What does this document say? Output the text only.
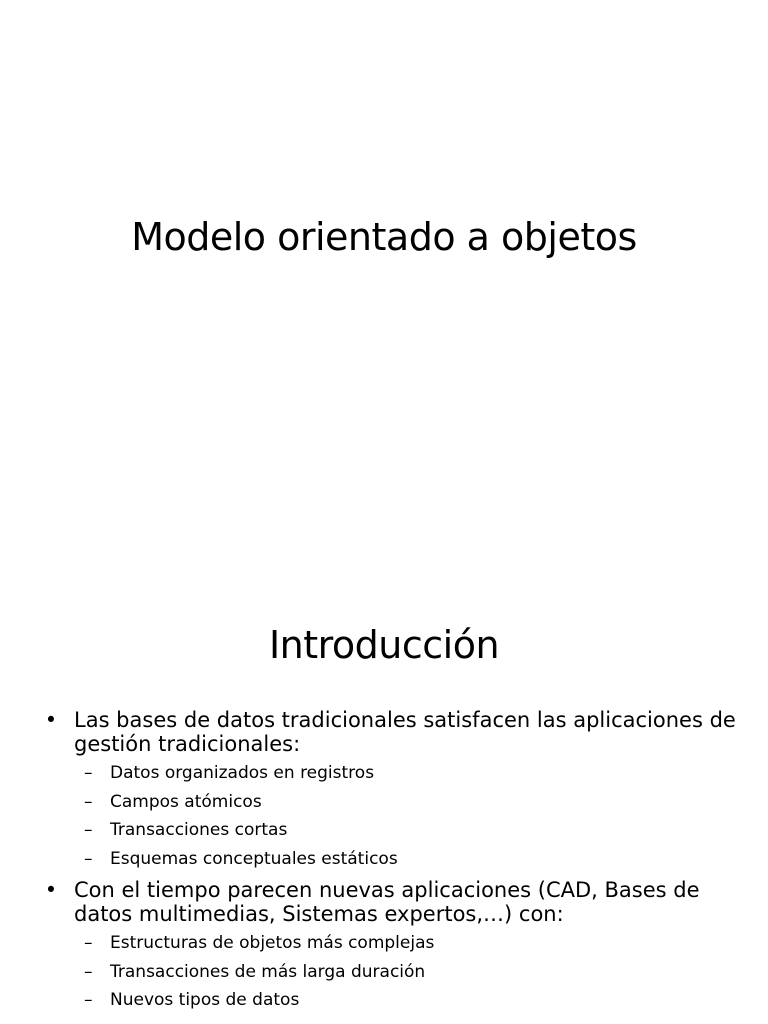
Modelo orientado a objetos
Introducción

• Las bases de datos tradicionales satisfacen las aplicaciones de gestión tradicionales:

– Datos organizados en registros

– Campos atómicos

– Transacciones cortas

– Esquemas conceptuales estáticos

• Con el tiempo parecen nuevas aplicaciones (CAD, Bases de datos multimedias, Sistemas expertos,…) con:

– Estructuras de objetos más complejas

– Transacciones de más larga duración

– Nuevos tipos de datos
